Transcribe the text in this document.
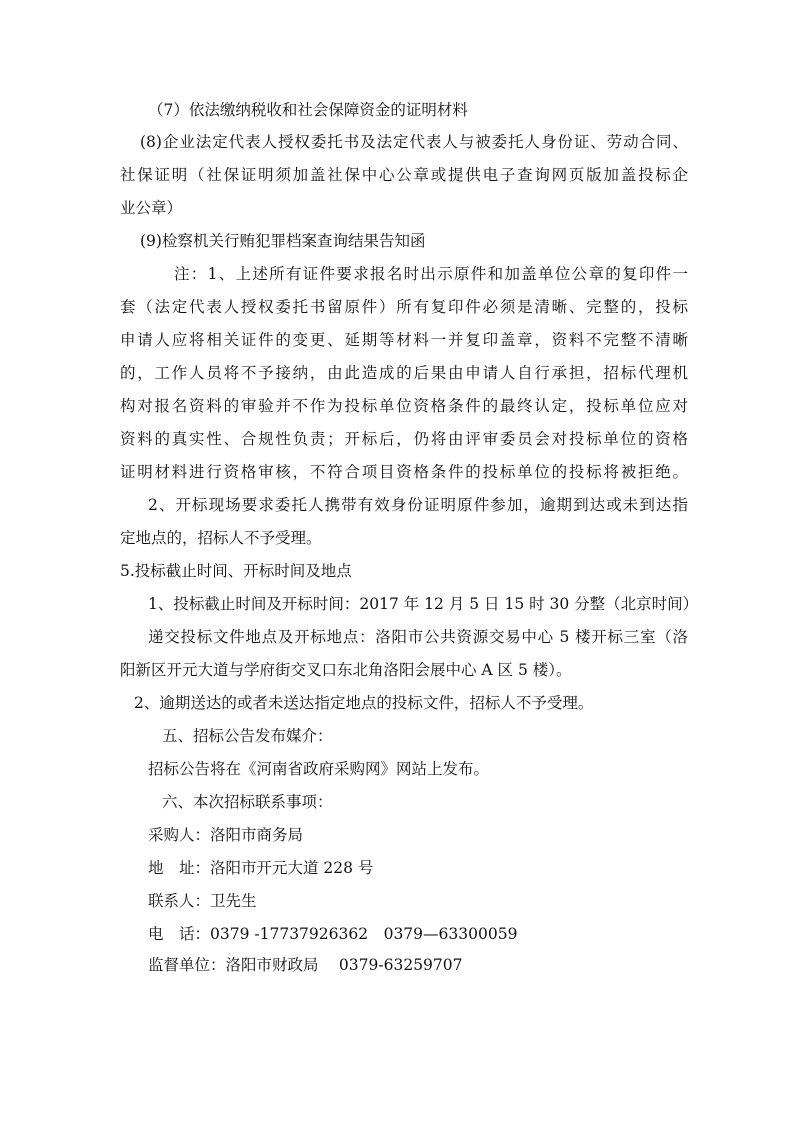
（7）依法缴纳税收和社会保障资金的证明材料
(8)企业法定代表人授权委托书及法定代表人与被委托人身份证、劳动合同、
社保证明（社保证明须加盖社保中心公章或提供电子查询网页版加盖投标企
业公章）
(9)检察机关行贿犯罪档案查询结果告知函
注：1、上述所有证件要求报名时出示原件和加盖单位公章的复印件一
套（法定代表人授权委托书留原件）所有复印件必须是清晰、完整的，投标
申请人应将相关证件的变更、延期等材料一并复印盖章，资料不完整不清晰
的，工作人员将不予接纳，由此造成的后果由申请人自行承担，招标代理机
构对报名资料的审验并不作为投标单位资格条件的最终认定，投标单位应对
资料的真实性、合规性负责；开标后，仍将由评审委员会对投标单位的资格
证明材料进行资格审核，不符合项目资格条件的投标单位的投标将被拒绝。
2、开标现场要求委托人携带有效身份证明原件参加，逾期到达或未到达指
定地点的，招标人不予受理。
5.投标截止时间、开标时间及地点
1、投标截止时间及开标时间：2017 年 12 月 5 日 15 时 30 分整（北京时间）
递交投标文件地点及开标地点：洛阳市公共资源交易中心 5 楼开标三室（洛
阳新区开元大道与学府街交叉口东北角洛阳会展中心 A 区 5 楼）。
2、逾期送达的或者未送达指定地点的投标文件，招标人不予受理。
五、招标公告发布媒介：
招标公告将在《河南省政府采购网》网站上发布。
六、本次招标联系事项：
采购人：洛阳市商务局
地　址：洛阳市开元大道 228 号
联系人：卫先生
电　话：0379 -17737926362　0379—63300059
监督单位：洛阳市财政局　 0379-63259707
